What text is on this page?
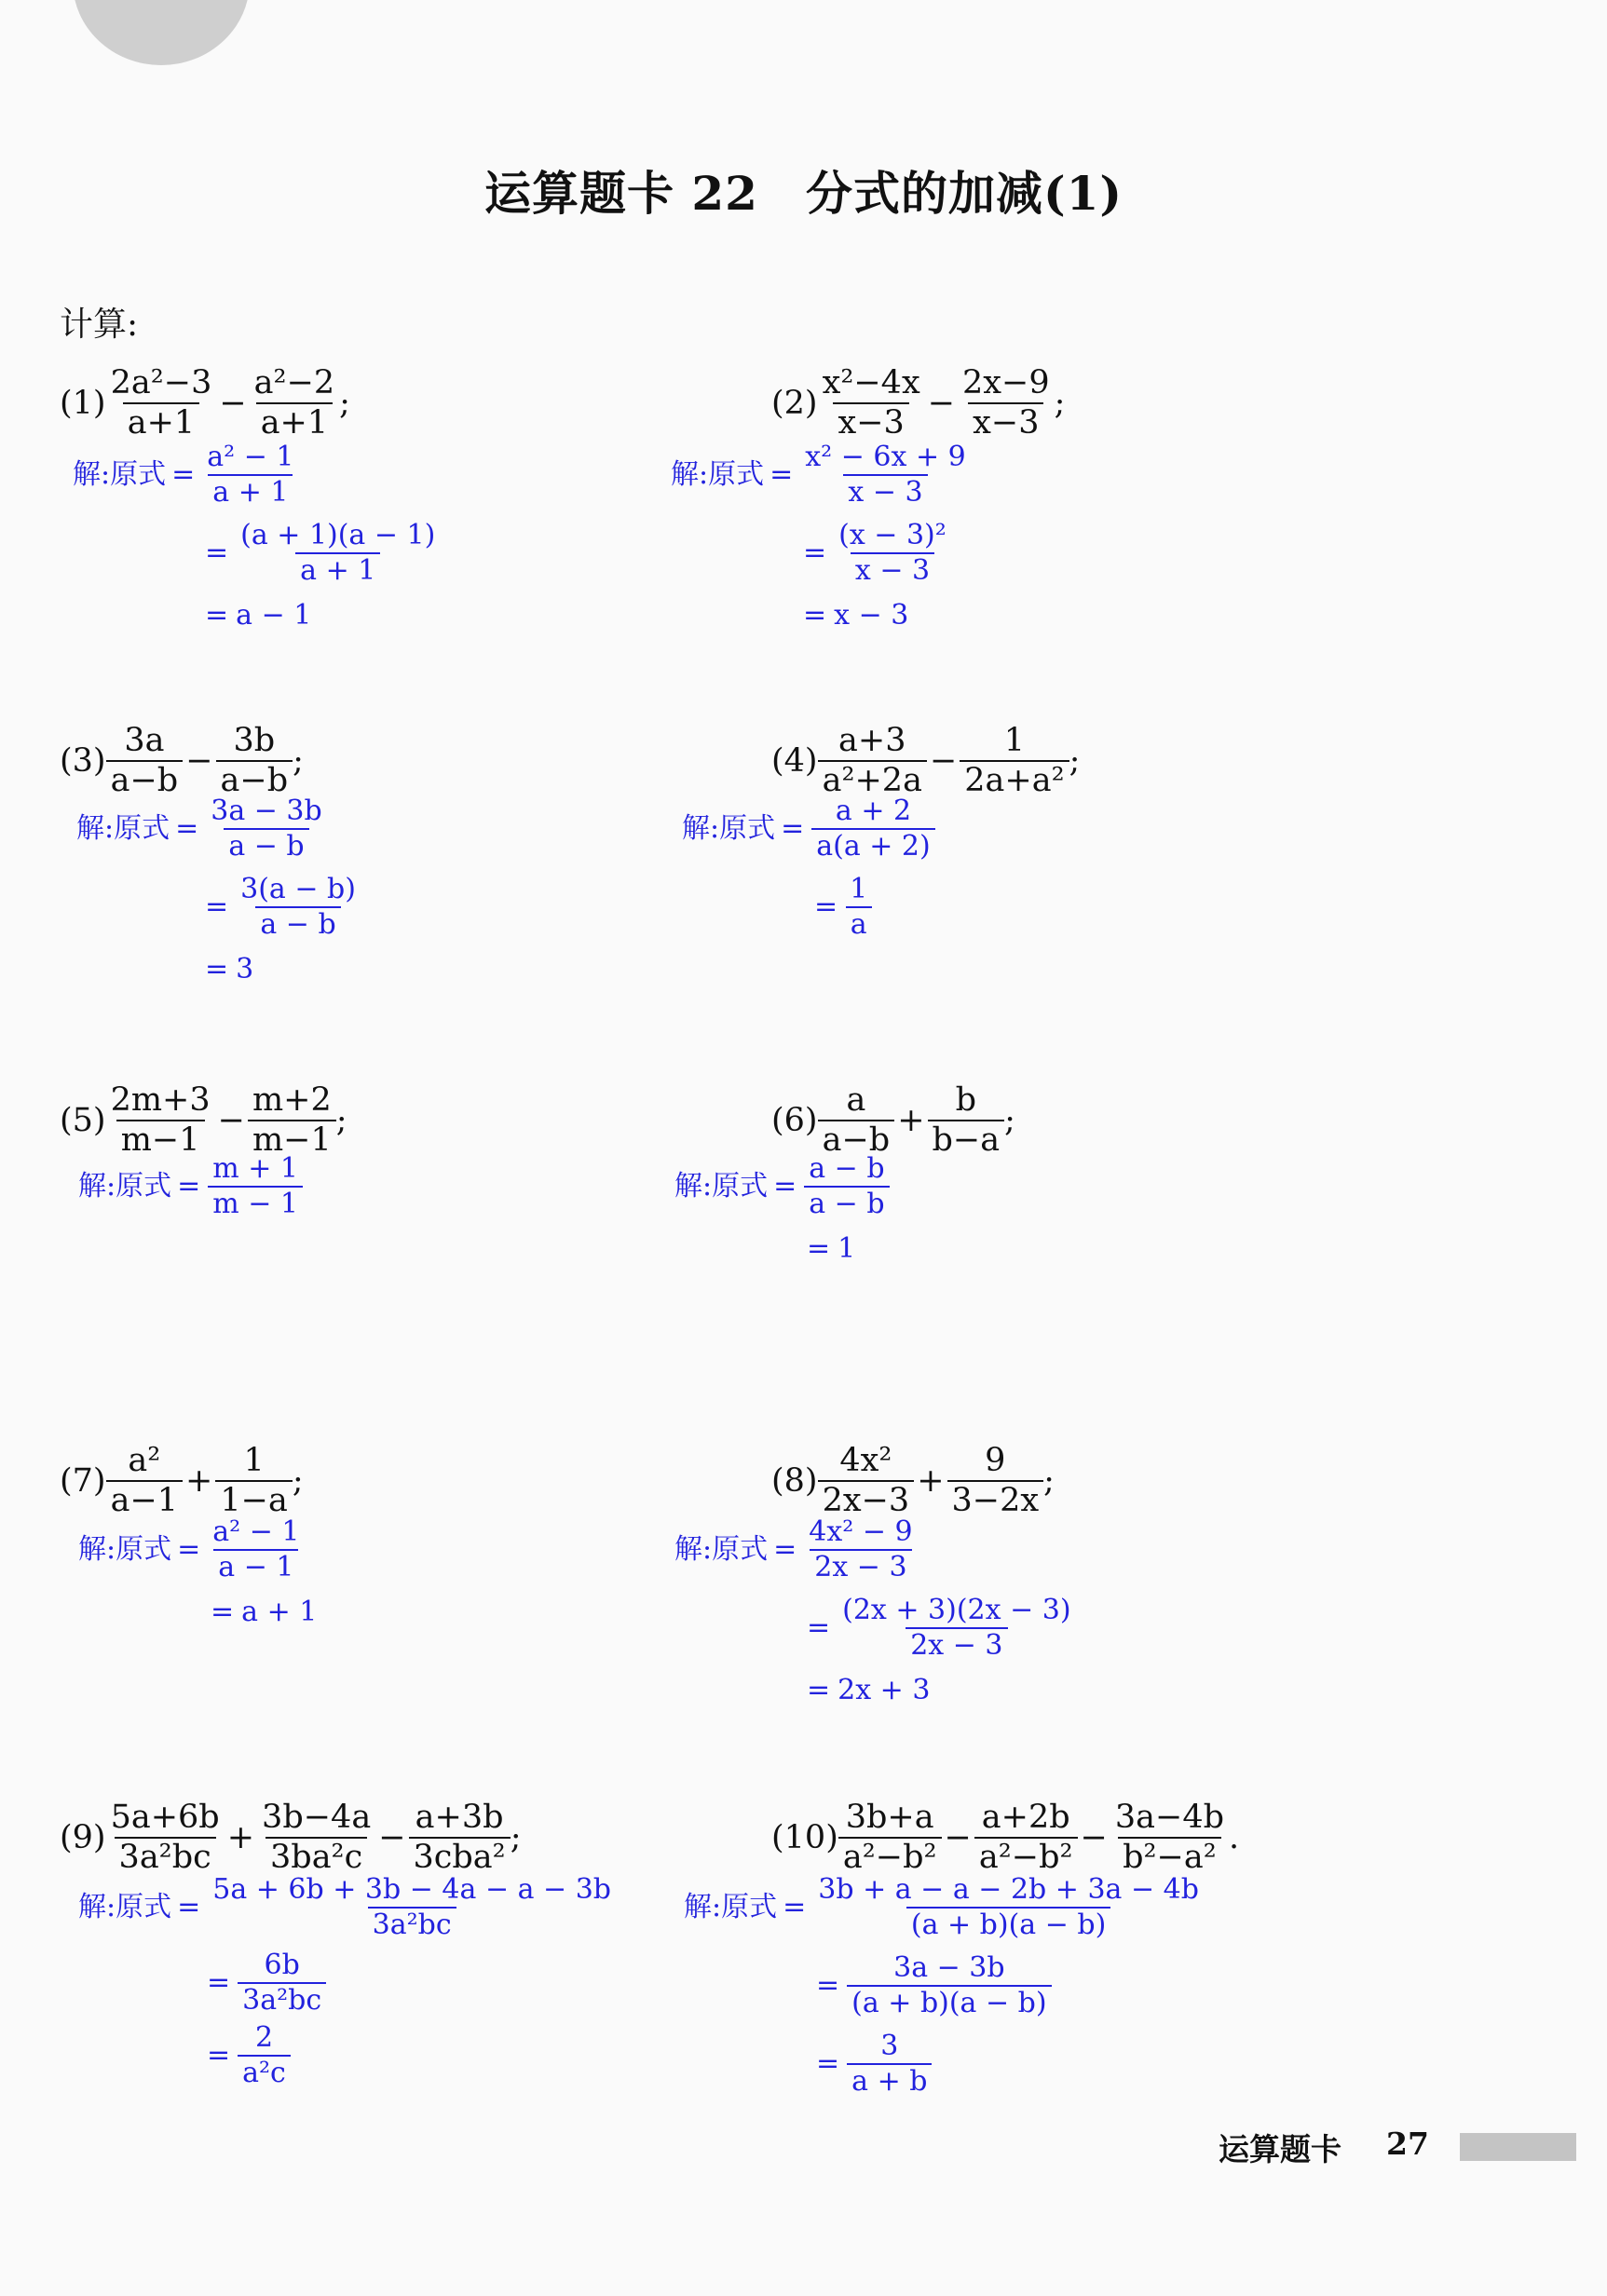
运算题卡 22　分式的加减(1)
计算:
$(1) \frac{\text{2a²−3}}{a+1} - \frac{\text{a²−2}}{a+1}$ ;
解:原式 = $\frac{\text{a² − 1}}{a + 1}$
= $\frac{(a + 1)(a - 1)}{a + 1}$
= a − 1
$(2) \frac{\text{x²−4x}}{x-3} - \frac{2x-9}{x-3}$ ;
解:原式 = $\frac{\text{x² − 6x + 9}}{x - 3}$
= $\frac{\text{(x − 3)²}}{x - 3}$
= x − 3
$(3) \frac{3a}{a-b} - \frac{3b}{a-b}$ ;
解:原式 = $\frac{3a - 3b}{a - b}$
= $\frac{3(a - b)}{a - b}$
= 3
$(4) \frac{a+3}{\text{a²+2a}} - \frac{1}{\text{2a+a²}}$ ;
解:原式 = $\frac{a + 2}{a(a + 2)}$
= $\frac{1}{a}$
$(5) \frac{2m+3}{m-1} - \frac{m+2}{m-1}$ ;
解:原式 = $\frac{m + 1}{m - 1}$
$(6) \frac{a}{a-b} + \frac{b}{b-a}$ ;
解:原式 = $\frac{a - b}{a - b}$
= 1
$(7) \frac{\text{a²}}{a-1} + \frac{1}{1-a}$ ;
解:原式 = $\frac{\text{a² − 1}}{a - 1}$
= a + 1
$(8) \frac{\text{4x²}}{2x-3} + \frac{9}{3-2x}$ ;
解:原式 = $\frac{\text{4x² − 9}}{2x - 3}$
= $\frac{(2x + 3)(2x - 3)}{2x - 3}$
= 2x + 3
$(9) \frac{5a+6b}{\text{3a²bc}} + \frac{3b-4a}{\text{3ba²c}} - \frac{a+3b}{\text{3cba²}}$ ;
解:原式 = $\frac{5a + 6b + 3b - 4a - a - 3b}{\text{3a²bc}}$
= $\frac{6b}{\text{3a²bc}}$
= $\frac{2}{\text{a²c}}$
$(10) \frac{3b+a}{\text{a²−b²}} - \frac{a+2b}{\text{a²−b²}} - \frac{3a-4b}{\text{b²−a²}}$ .
解:原式 = $\frac{3b + a - a - 2b + 3a - 4b}{(a + b)(a - b)}$
= $\frac{3a - 3b}{(a + b)(a - b)}$
= $\frac{3}{a + b}$
运算题卡 27
